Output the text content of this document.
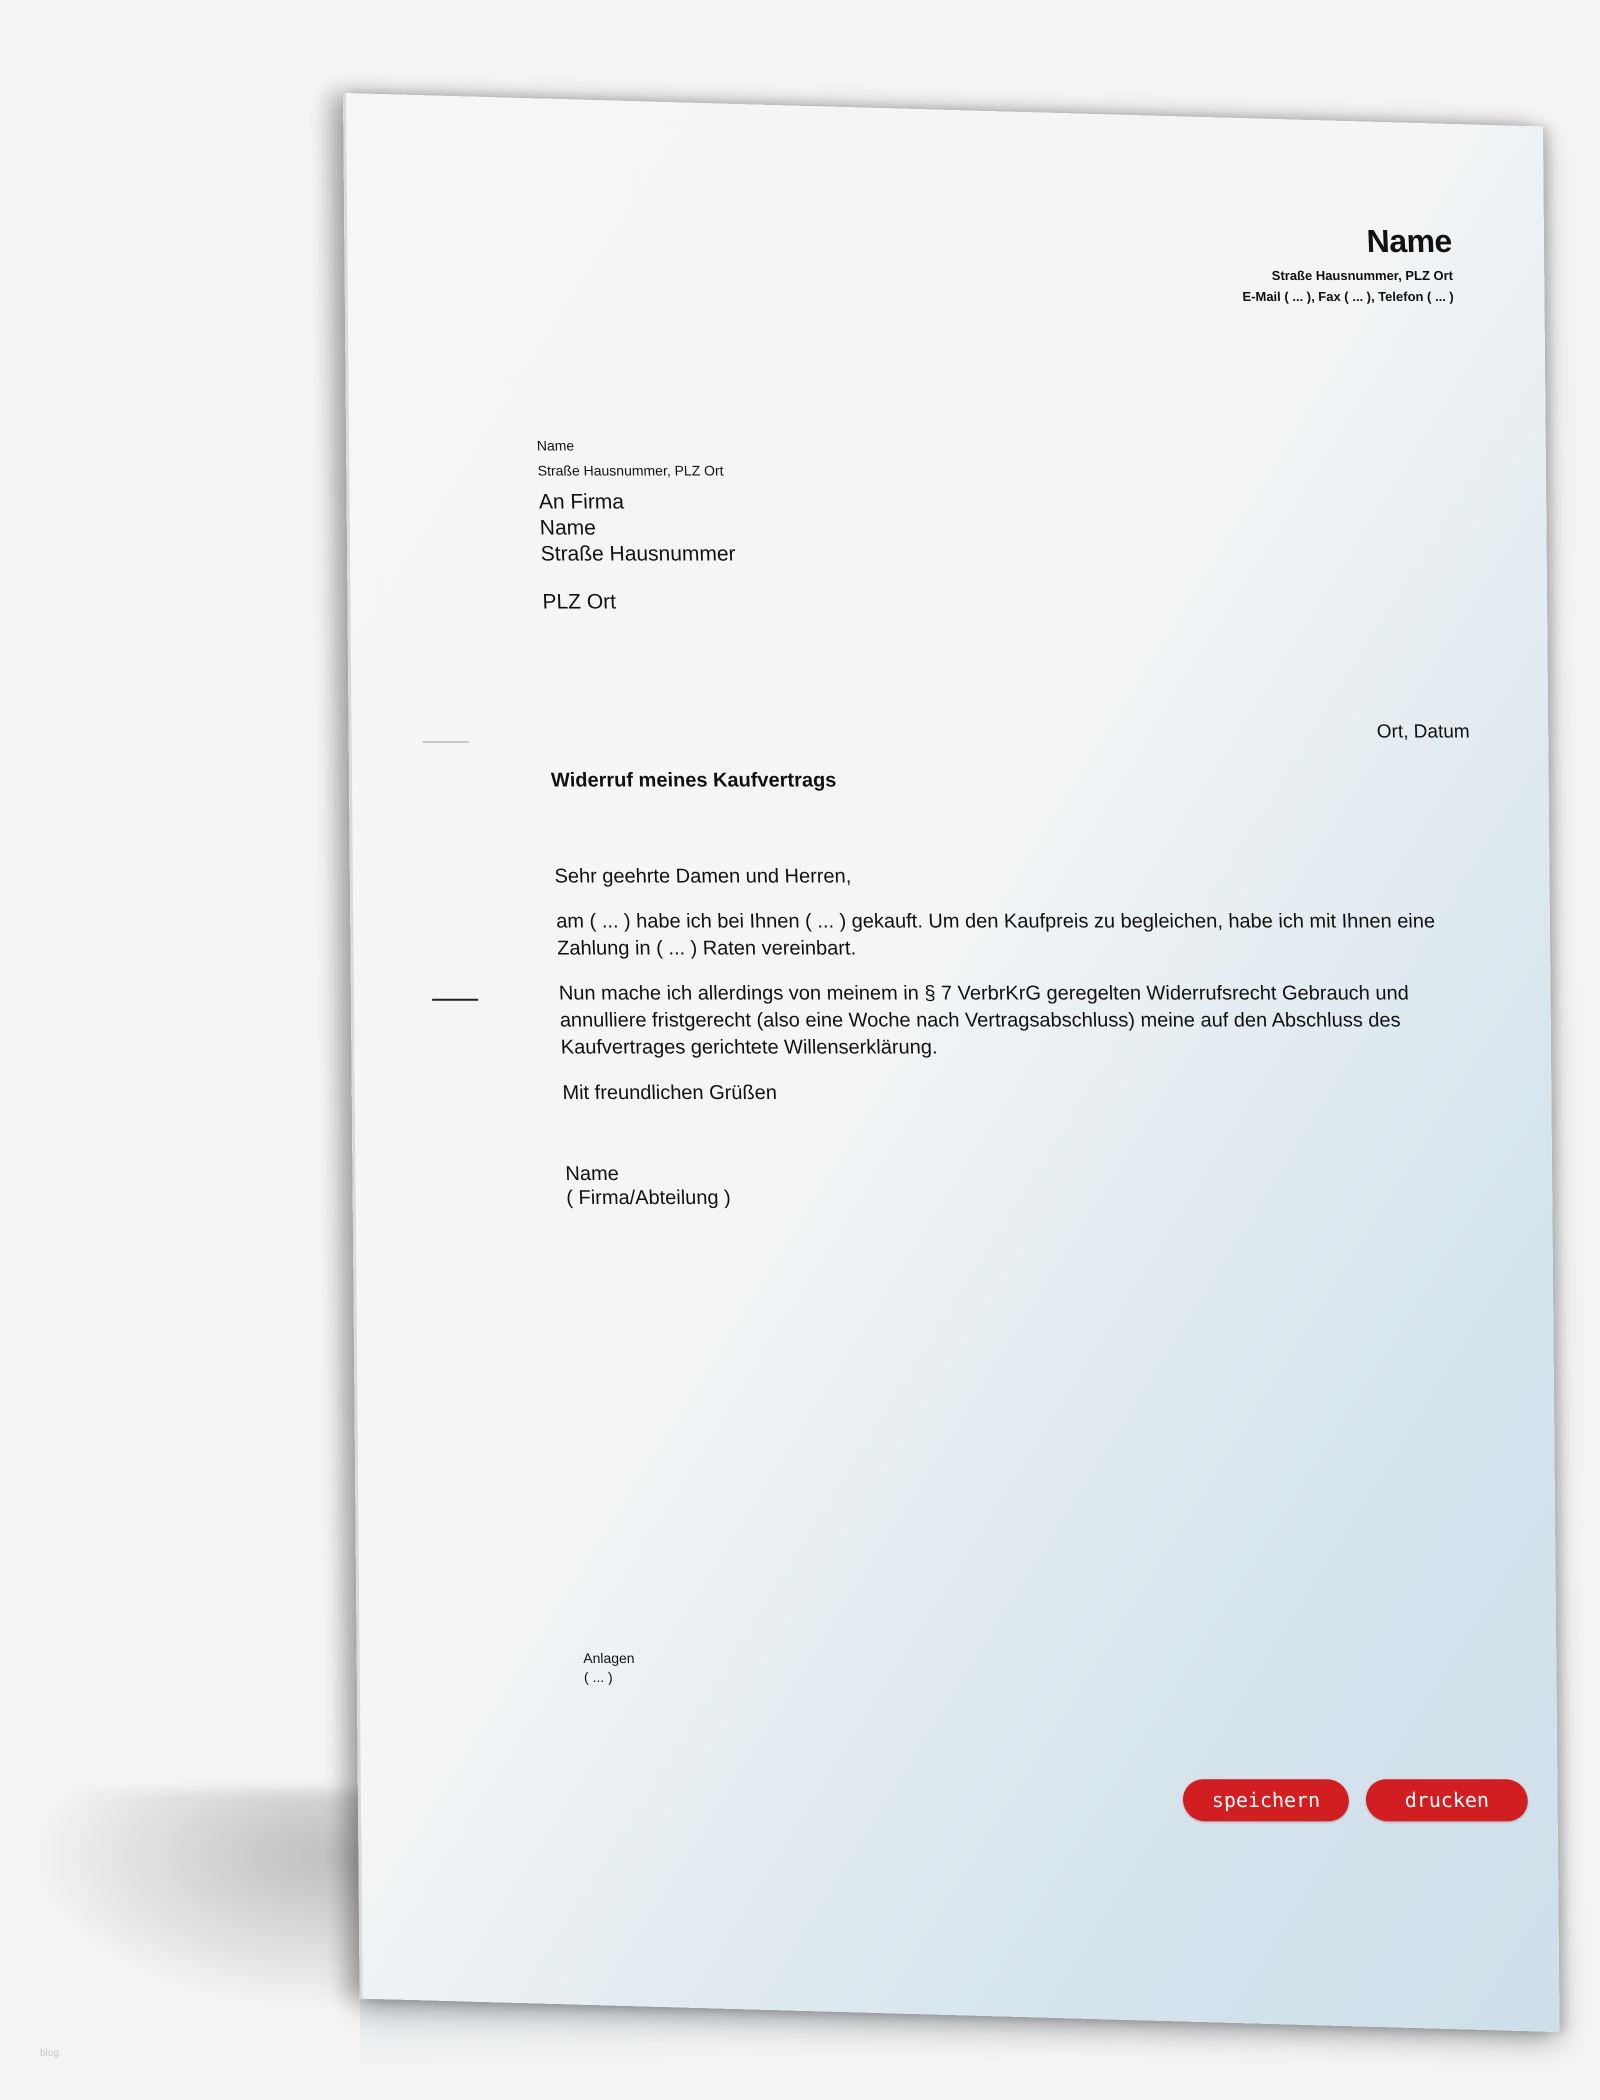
Name
Straße Hausnummer, PLZ Ort
E-Mail ( ... ), Fax ( ... ), Telefon ( ... )
Name
Straße Hausnummer, PLZ Ort
An Firma
Name
Straße Hausnummer
PLZ Ort
Ort, Datum
Widerruf meines Kaufvertrags

Sehr geehrte Damen und Herren,

am ( ... ) habe ich bei Ihnen ( ... ) gekauft. Um den Kaufpreis zu begleichen, habe ich mit Ihnen eine Zahlung in ( ... ) Raten vereinbart.

Nun mache ich allerdings von meinem in § 7 VerbrKrG geregelten Widerrufsrecht Gebrauch und annulliere fristgerecht (also eine Woche nach Vertragsabschluss) meine auf den Abschluss des Kaufvertrages gerichtete Willenserklärung.

Mit freundlichen Grüßen

Name
( Firma/Abteilung )
Anlagen
( ... )
speichern	drucken
blog
